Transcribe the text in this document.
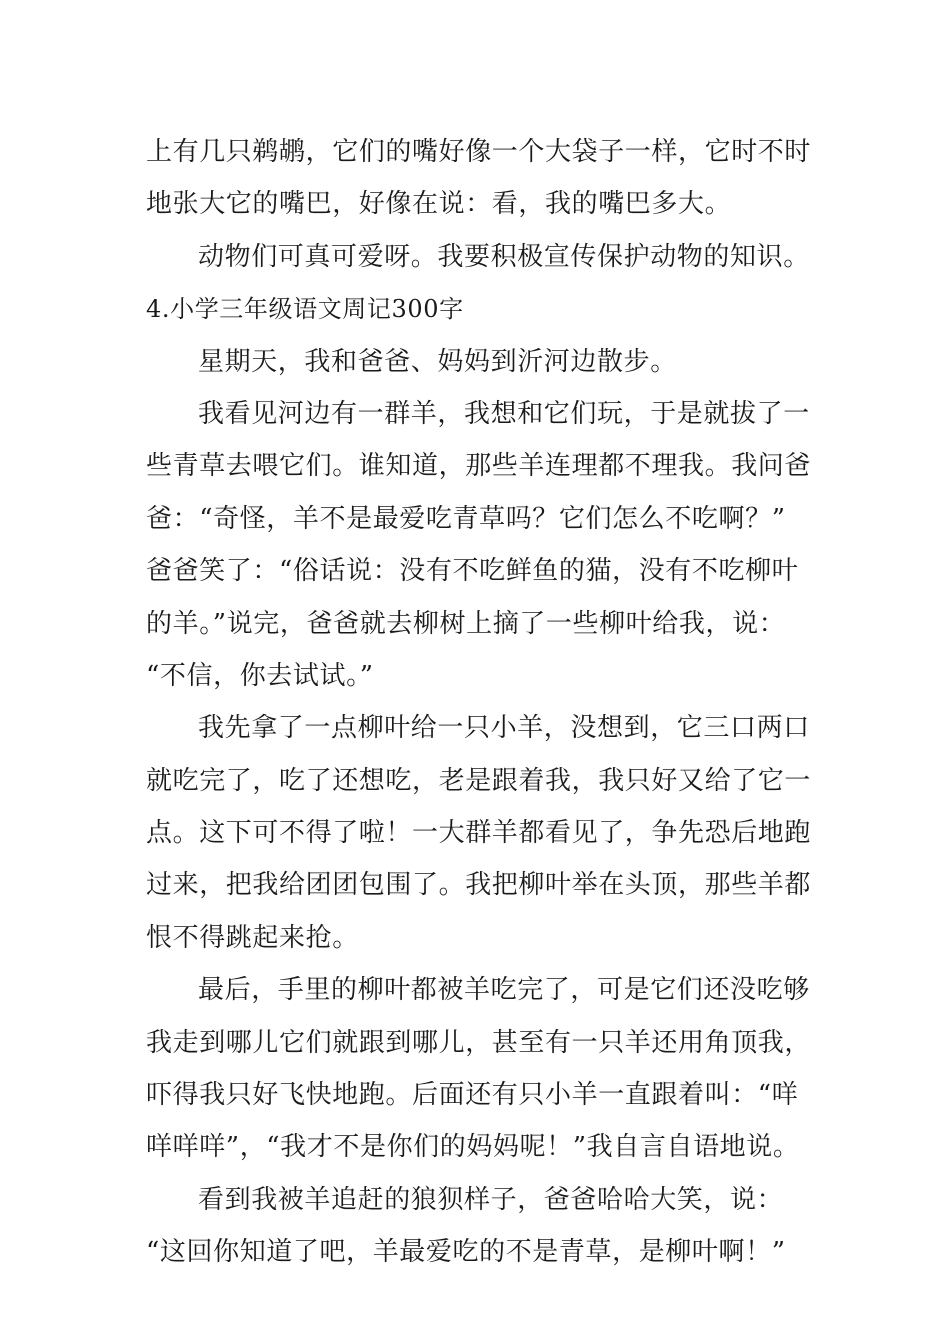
上有几只鹈鹕，它们的嘴好像一个大袋子一样，它时不时
地张大它的嘴巴，好像在说：看，我的嘴巴多大。
动物们可真可爱呀。我要积极宣传保护动物的知识。
4.小学三年级语文周记300字
星期天，我和爸爸、妈妈到沂河边散步。
我看见河边有一群羊，我想和它们玩，于是就拔了一
些青草去喂它们。谁知道，那些羊连理都不理我。我问爸
爸：“奇怪，羊不是最爱吃青草吗？它们怎么不吃啊？”
爸爸笑了：“俗话说：没有不吃鲜鱼的猫，没有不吃柳叶
的羊。”说完，爸爸就去柳树上摘了一些柳叶给我，说：
“不信，你去试试。”
我先拿了一点柳叶给一只小羊，没想到，它三口两口
就吃完了，吃了还想吃，老是跟着我，我只好又给了它一
点。这下可不得了啦！一大群羊都看见了，争先恐后地跑
过来，把我给团团包围了。我把柳叶举在头顶，那些羊都
恨不得跳起来抢。
最后，手里的柳叶都被羊吃完了，可是它们还没吃够
我走到哪儿它们就跟到哪儿，甚至有一只羊还用角顶我，
吓得我只好飞快地跑。后面还有只小羊一直跟着叫：“咩
咩咩咩”，“我才不是你们的妈妈呢！”我自言自语地说。
看到我被羊追赶的狼狈样子，爸爸哈哈大笑，说：
“这回你知道了吧，羊最爱吃的不是青草，是柳叶啊！”
